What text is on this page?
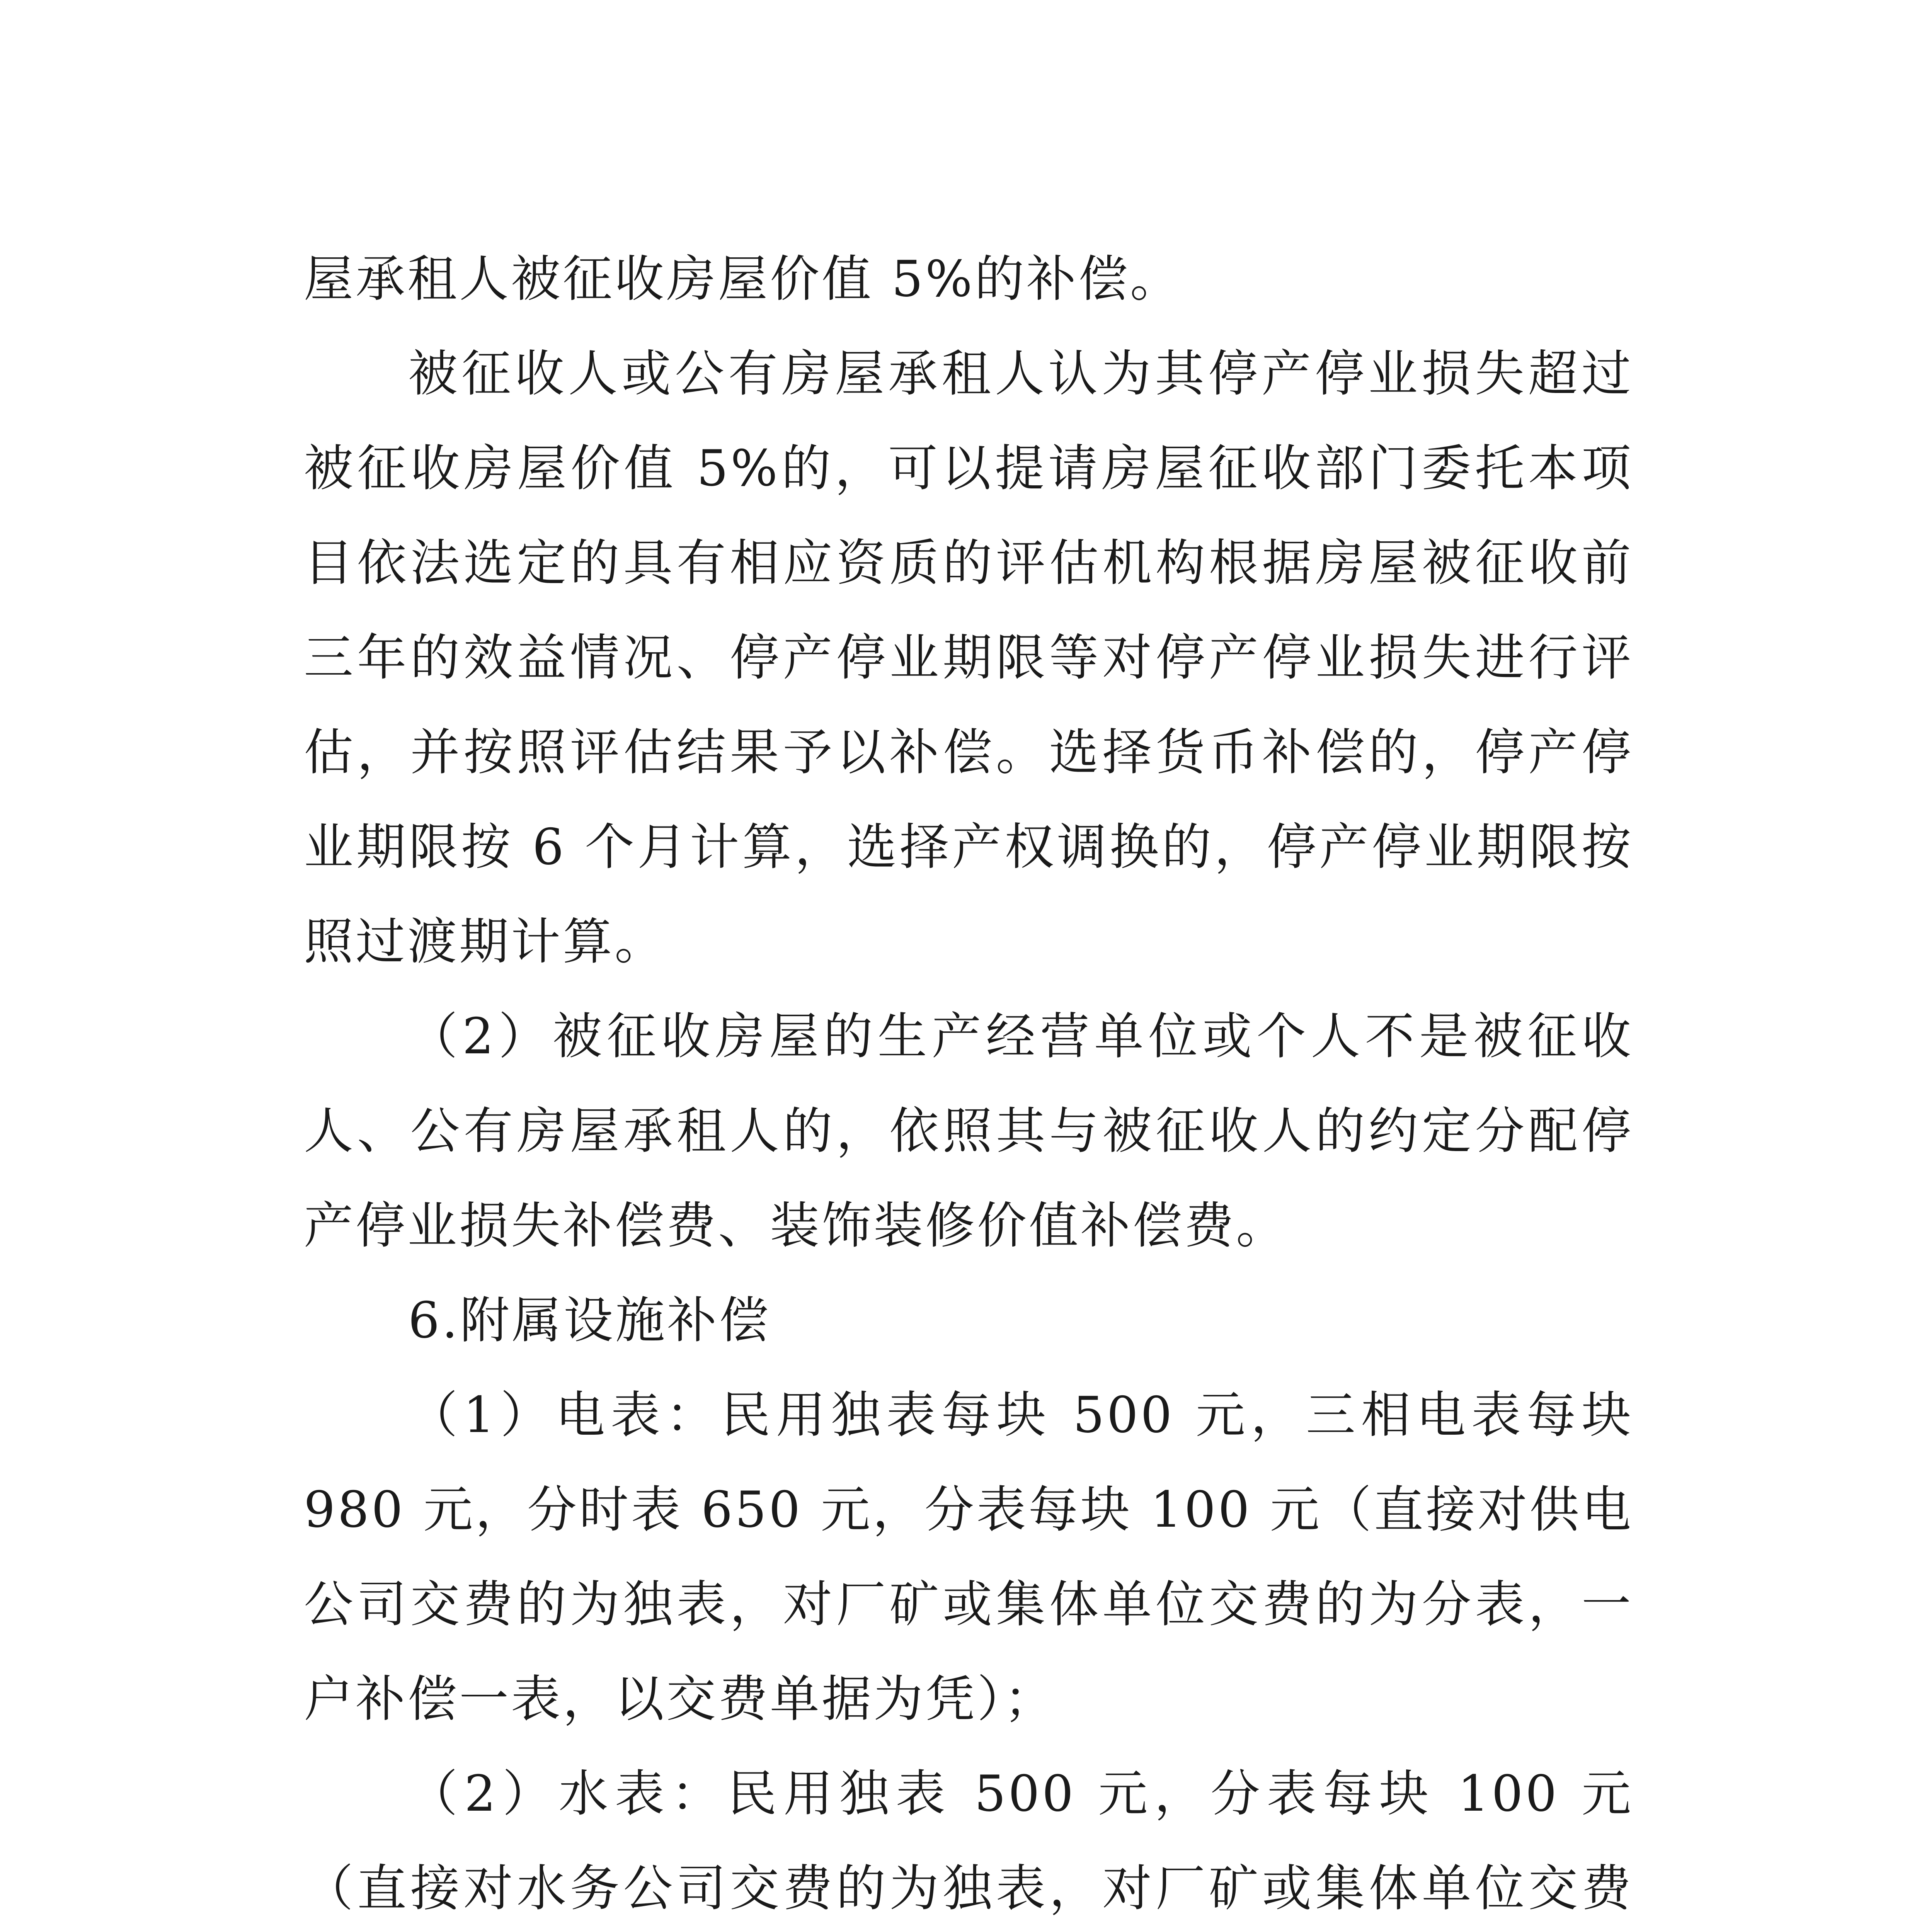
屋承租人被征收房屋价值 5%的补偿。

被征收人或公有房屋承租人认为其停产停业损失超过被征收房屋价值 5%的，可以提请房屋征收部门委托本项目依法选定的具有相应资质的评估机构根据房屋被征收前三年的效益情况、停产停业期限等对停产停业损失进行评估，并按照评估结果予以补偿。选择货币补偿的，停产停业期限按 6 个月计算，选择产权调换的，停产停业期限按照过渡期计算。

（2）被征收房屋的生产经营单位或个人不是被征收人、公有房屋承租人的，依照其与被征收人的约定分配停产停业损失补偿费、装饰装修价值补偿费。

6.附属设施补偿

（1）电表：民用独表每块 500 元，三相电表每块 980 元，分时表 650 元，分表每块 100 元（直接对供电公司交费的为独表，对厂矿或集体单位交费的为分表，一户补偿一表，以交费单据为凭）；

（2）水表：民用独表 500 元，分表每块 100 元（直接对水务公司交费的为独表，对厂矿或集体单位交费
